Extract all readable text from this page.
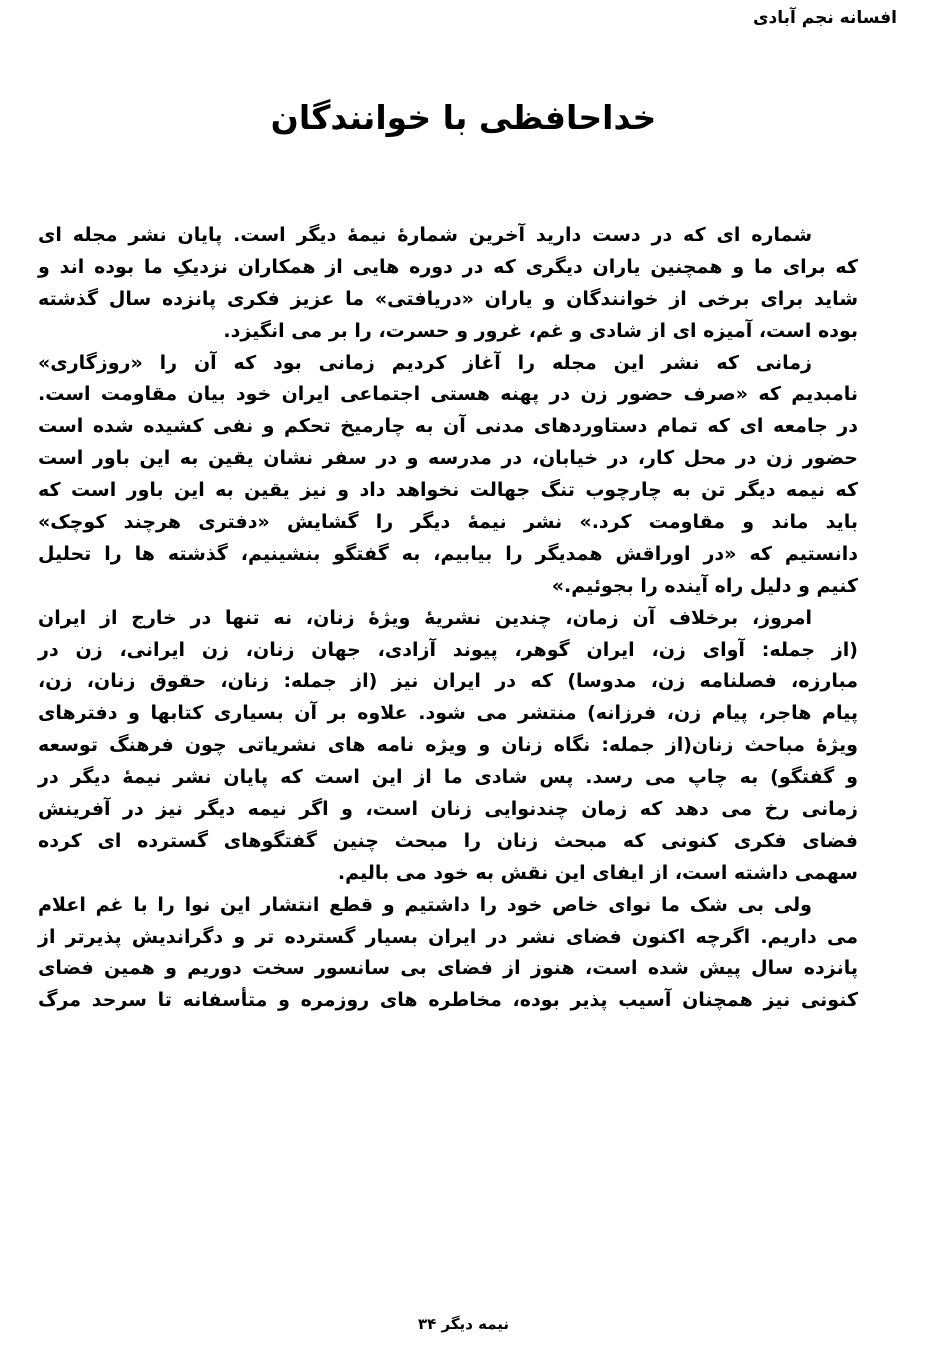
افسانه نجم آبادی
خداحافظی با خوانندگان
شماره ای که در دست دارید آخرین شمارهٔ نیمهٔ دیگر است. پایان نشر مجله ای
که برای ما و همچنین یاران دیگری که در دوره هایی از همکاران نزدیکِ ما بوده اند و
شاید برای برخی از خوانندگان و یاران «دریافتی» ما عزیز فکری پانزده سال گذشته
بوده است، آمیزه ای از شادی و غم، غرور و حسرت، را بر می انگیزد.
زمانی که نشر این مجله را آغاز کردیم زمانی بود که آن را «روزگاری»
نامبدیم که «صرف حضور زن در پهنه هستی اجتماعی ایران خود بیان مقاومت است.
در جامعه ای که تمام دستاوردهای مدنی آن به چارمیخ تحکم و نفی کشیده شده است
حضور زن در محل کار، در خیابان، در مدرسه و در سفر نشان یقین به این باور است
که نیمه دیگر تن به چارچوب تنگ جهالت نخواهد داد و نیز یقین به این باور است که
باید ماند و مقاومت کرد.» نشر نیمهٔ دیگر را گشایش «دفتری هرچند کوچک»
دانستیم که «در اوراقش همدیگر را بیابیم، به گفتگو بنشینیم، گذشته ها را تحلیل
کنیم و دلیل راه آینده را بجوئیم.»
امروز، برخلاف آن زمان، چندین نشریهٔ ویژهٔ زنان، نه تنها در خارج از ایران
(از جمله: آوای زن، ایران گوهر، پیوند آزادی، جهان زنان، زن ایرانی، زن در
مبارزه، فصلنامه زن، مدوسا) که در ایران نیز (از جمله: زنان، حقوق زنان، زن،
پیام هاجر، پیام زن، فرزانه) منتشر می شود. علاوه بر آن بسیاری کتابها و دفترهای
ویژهٔ مباحث زنان(از جمله: نگاه زنان و ویژه نامه های نشریاتی چون فرهنگ توسعه
و گفتگو) به چاپ می رسد. پس شادی ما از این است که پایان نشر نیمهٔ دیگر در
زمانی رخ می دهد که زمان چندنوایی زنان است، و اگر نیمه دیگر نیز در آفرینش
فضای فکری کنونی که مبحث زنان را مبحث چنین گفتگوهای گسترده ای کرده
سهمی داشته است، از ایفای این نقش به خود می بالیم.
ولی بی شک ما نوای خاص خود را داشتیم و قطع انتشار این نوا را با غم اعلام
می داریم. اگرچه اکنون فضای نشر در ایران بسیار گسترده تر و دگراندیش پذیرتر از
پانزده سال پیش شده است، هنوز از فضای بی سانسور سخت دوریم و همین فضای
کنونی نیز همچنان آسیب پذیر بوده، مخاطره های روزمره و متأسفانه تا سرحد مرگ
نیمه دیگر ۳۴
